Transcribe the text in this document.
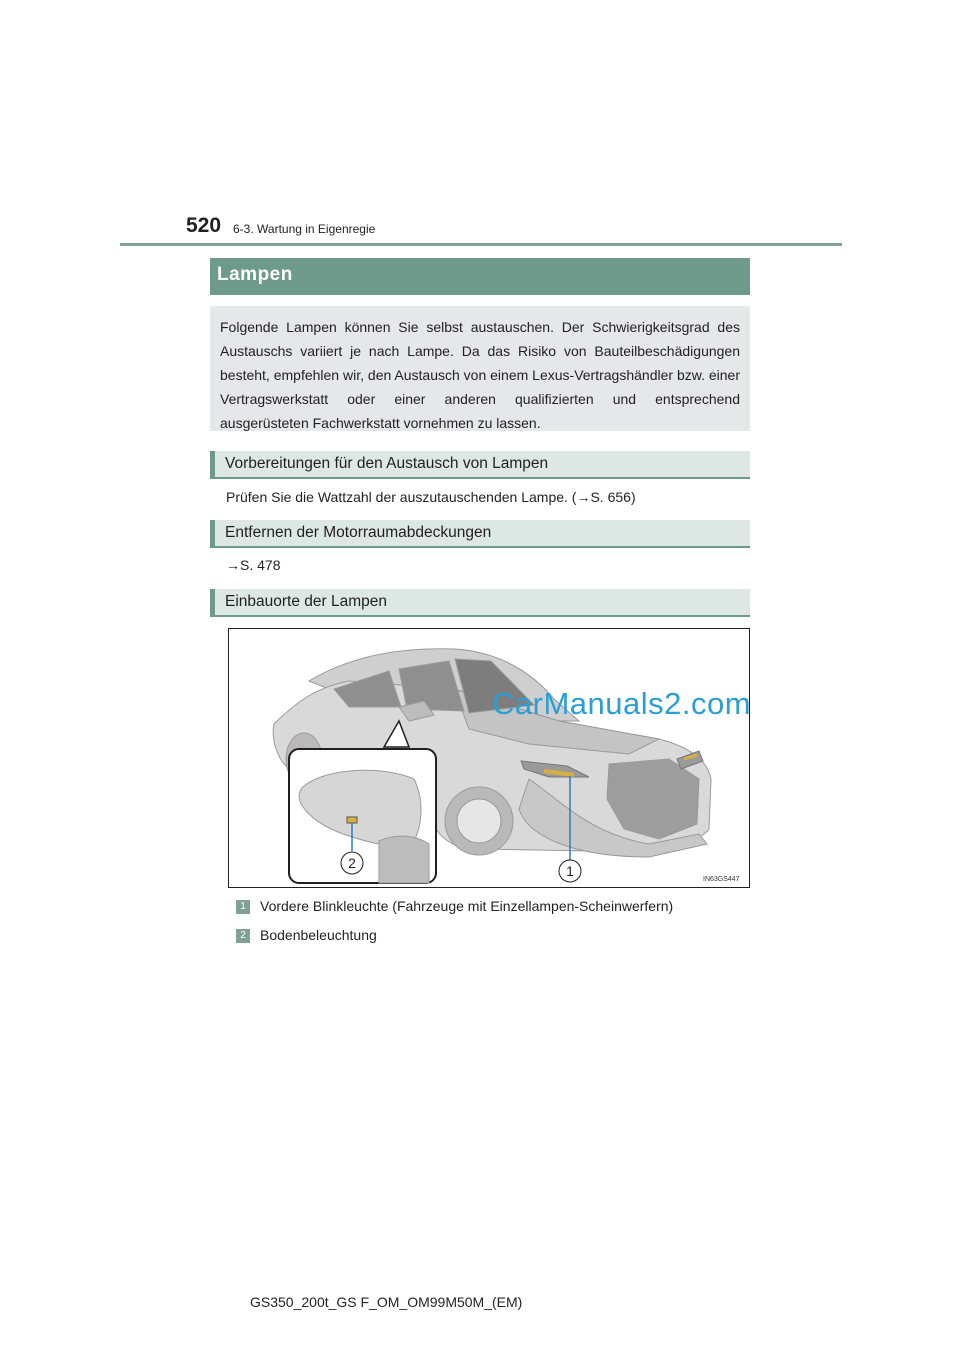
520 6-3. Wartung in Eigenregie
Lampen
Folgende Lampen können Sie selbst austauschen. Der Schwierigkeitsgrad des Austauschs variiert je nach Lampe. Da das Risiko von Bauteilbeschädigungen besteht, empfehlen wir, den Austausch von einem Lexus-Vertragshändler bzw. einer Vertragswerkstatt oder einer anderen qualifizierten und entsprechend ausgerüsteten Fachwerkstatt vornehmen zu lassen.
Vorbereitungen für den Austausch von Lampen
Prüfen Sie die Wattzahl der auszutauschenden Lampe. (→S. 656)
Entfernen der Motorraumabdeckungen
→S. 478
Einbauorte der Lampen
2	1
CarManuals2.com
IN63GS447
1	Vordere Blinkleuchte (Fahrzeuge mit Einzellampen-Scheinwerfern)
2	Bodenbeleuchtung
GS350_200t_GS F_OM_OM99M50M_(EM)
